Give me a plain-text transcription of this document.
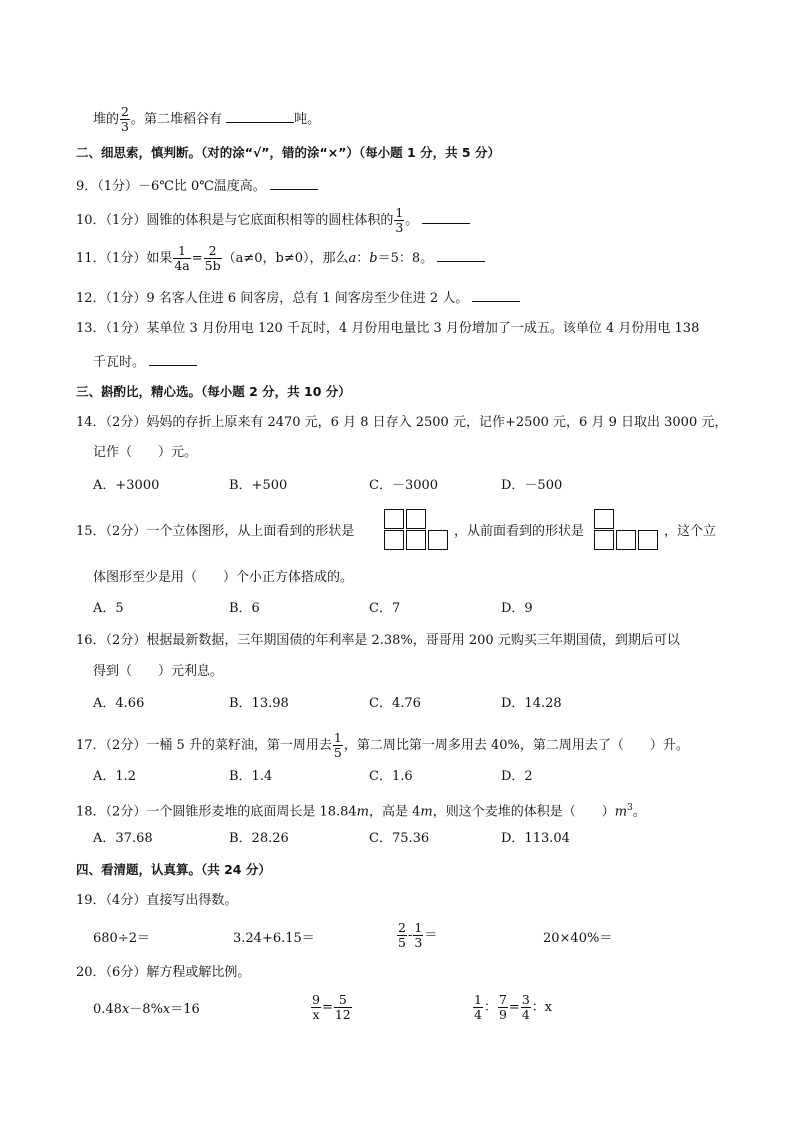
堆的 $\frac{2}{3}$ 。第二堆稻谷有	吨。
二、细思索，慎判断。（对的涂“√”，错的涂“×”）（每小题 1 分，共 5 分）
9．（1分）－6℃比 0℃温度高。
10．（1分）圆锥的体积是与它底面积相等的圆柱体积的 $\frac{1}{3}$ 。
11．（1分）如果 $\frac{1}{4a} = \frac{2}{5b} (a\ne 0$，b≠0），那么a：b＝5：8。
12．（1分）9 名客人住进 6 间客房，总有 1 间客房至少住进 2 人。
13．（1分）某单位 3 月份用电 120 千瓦时，4 月份用电量比 3 月份增加了一成五。该单位 4 月份用电 138
千瓦时。
三、斟酌比，精心选。（每小题 2 分，共 10 分）
14．（2分）妈妈的存折上原来有 2470 元，6 月 8 日存入 2500 元，记作+2500 元，6 月 9 日取出 3000 元，
记作（　　）元。
A．+3000	B．+500	C．－3000	D．－500
15．（2分）一个立体图形，从上面看到的形状是	，从前面看到的形状是	，这个立
体图形至少是用（　　）个小正方体搭成的。
A．5	B．6	C．7	D．9
16．（2分）根据最新数据，三年期国债的年利率是 2.38%，哥哥用 200 元购买三年期国债，到期后可以
得到（　　）元利息。
A．4.66	B．13.98	C．4.76	D．14.28
17．（2分）一桶 5 升的菜籽油，第一周用去 $\frac{1}{5}$ ，第二周比第一周多用去 40%，第二周用去了（　　）升。
A．1.2	B．1.4	C．1.6	D．2
18．（2分）一个圆锥形麦堆的底面周长是 18.84m，高是 4m，则这个麦堆的体积是（　　）$m^3$。
A．37.68	B．28.26	C．75.36	D．113.04
四、看清题，认真算。（共 24 分）
19．（4分）直接写出得数。
680÷2＝	3.24+6.15＝	$\frac{2}{5} - \frac{1}{3}$ ＝	20×40%＝
20．（6分）解方程或解比例。
0.48x－8%x＝16	$\frac{9}{x} = \frac{5}{12}$	$\frac{1}{4}$ ： $\frac{7}{9} = \frac{3}{4}$ ：x
